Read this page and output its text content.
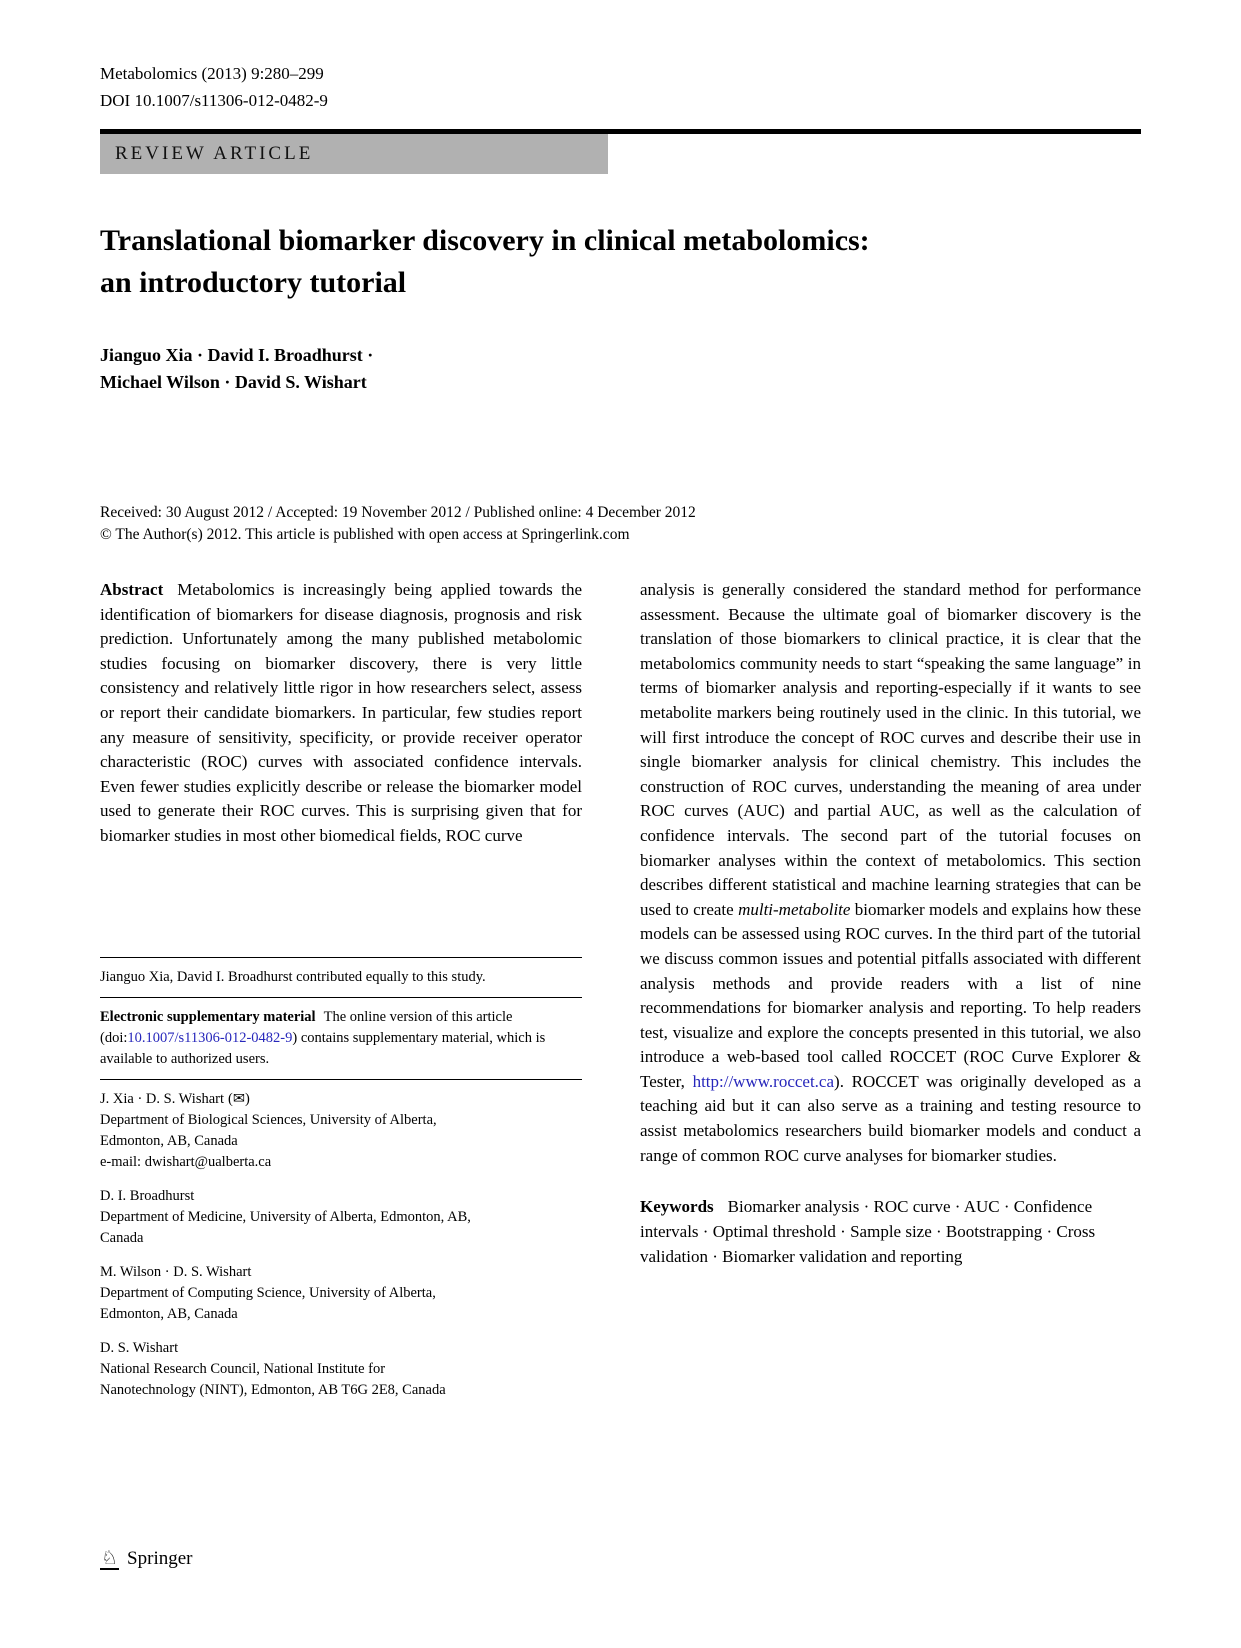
Metabolomics (2013) 9:280–299
DOI 10.1007/s11306-012-0482-9
REVIEW ARTICLE
Translational biomarker discovery in clinical metabolomics:
an introductory tutorial
Jianguo Xia · David I. Broadhurst ·
Michael Wilson · David S. Wishart
Received: 30 August 2012 / Accepted: 19 November 2012 / Published online: 4 December 2012
© The Author(s) 2012. This article is published with open access at Springerlink.com

Abstract Metabolomics is increasingly being applied towards the identification of biomarkers for disease diagnosis, prognosis and risk prediction. Unfortunately among the many published metabolomic studies focusing on biomarker discovery, there is very little consistency and relatively little rigor in how researchers select, assess or report their candidate biomarkers. In particular, few studies report any measure of sensitivity, specificity, or provide receiver operator characteristic (ROC) curves with associated confidence intervals. Even fewer studies explicitly describe or release the biomarker model used to generate their ROC curves. This is surprising given that for biomarker studies in most other biomedical fields, ROC curve

Jianguo Xia, David I. Broadhurst contributed equally to this study.

Electronic supplementary material The online version of this article (doi:10.1007/s11306-012-0482-9) contains supplementary material, which is available to authorized users.

J. Xia · D. S. Wishart (✉)
Department of Biological Sciences, University of Alberta,
Edmonton, AB, Canada
e-mail: dwishart@ualberta.ca
D. I. Broadhurst
Department of Medicine, University of Alberta, Edmonton, AB,
Canada
M. Wilson · D. S. Wishart
Department of Computing Science, University of Alberta,
Edmonton, AB, Canada
D. S. Wishart
National Research Council, National Institute for
Nanotechnology (NINT), Edmonton, AB T6G 2E8, Canada

analysis is generally considered the standard method for performance assessment. Because the ultimate goal of biomarker discovery is the translation of those biomarkers to clinical practice, it is clear that the metabolomics community needs to start “speaking the same language” in terms of biomarker analysis and reporting-especially if it wants to see metabolite markers being routinely used in the clinic. In this tutorial, we will first introduce the concept of ROC curves and describe their use in single biomarker analysis for clinical chemistry. This includes the construction of ROC curves, understanding the meaning of area under ROC curves (AUC) and partial AUC, as well as the calculation of confidence intervals. The second part of the tutorial focuses on biomarker analyses within the context of metabolomics. This section describes different statistical and machine learning strategies that can be used to create multi-metabolite biomarker models and explains how these models can be assessed using ROC curves. In the third part of the tutorial we discuss common issues and potential pitfalls associated with different analysis methods and provide readers with a list of nine recommendations for biomarker analysis and reporting. To help readers test, visualize and explore the concepts presented in this tutorial, we also introduce a web-based tool called ROCCET (ROC Curve Explorer & Tester, http://www.roccet.ca). ROCCET was originally developed as a teaching aid but it can also serve as a training and testing resource to assist metabolomics researchers build biomarker models and conduct a range of common ROC curve analyses for biomarker studies.

Keywords Biomarker analysis · ROC curve · AUC · Confidence intervals · Optimal threshold · Sample size · Bootstrapping · Cross validation · Biomarker validation and reporting

♘ Springer
